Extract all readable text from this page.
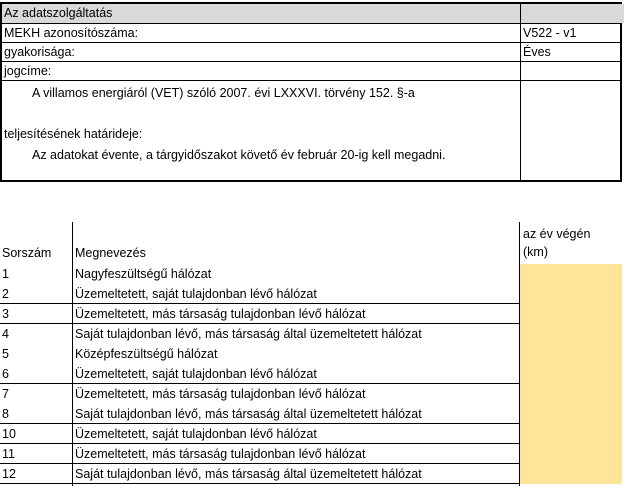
Az adatszolgáltatás
MEKH azonosítószáma:	V522 - v1
gyakorisága:	Éves
jogcíme:
A villamos energiáról (VET) szóló 2007. évi LXXXVI. törvény 152. §-a
teljesítésének határideje:
Az adatokat évente, a tárgyidőszakot követő év február 20-ig kell megadni.
Sorszám	Megnevezés
az év végén
(km)
1	Nagyfeszültségű hálózat
2	Üzemeltetett, saját tulajdonban lévő hálózat
3	Üzemeltetett, más társaság tulajdonban lévő hálózat
4	Saját tulajdonban lévő, más társaság által üzemeltetett hálózat
5	Középfeszültségű hálózat
6	Üzemeltetett, saját tulajdonban lévő hálózat
7	Üzemeltetett, más társaság tulajdonban lévő hálózat
8	Saját tulajdonban lévő, más társaság által üzemeltetett hálózat
10	Üzemeltetett, saját tulajdonban lévő hálózat
11	Üzemeltetett, más társaság tulajdonban lévő hálózat
12	Saját tulajdonban lévő, más társaság által üzemeltetett hálózat
